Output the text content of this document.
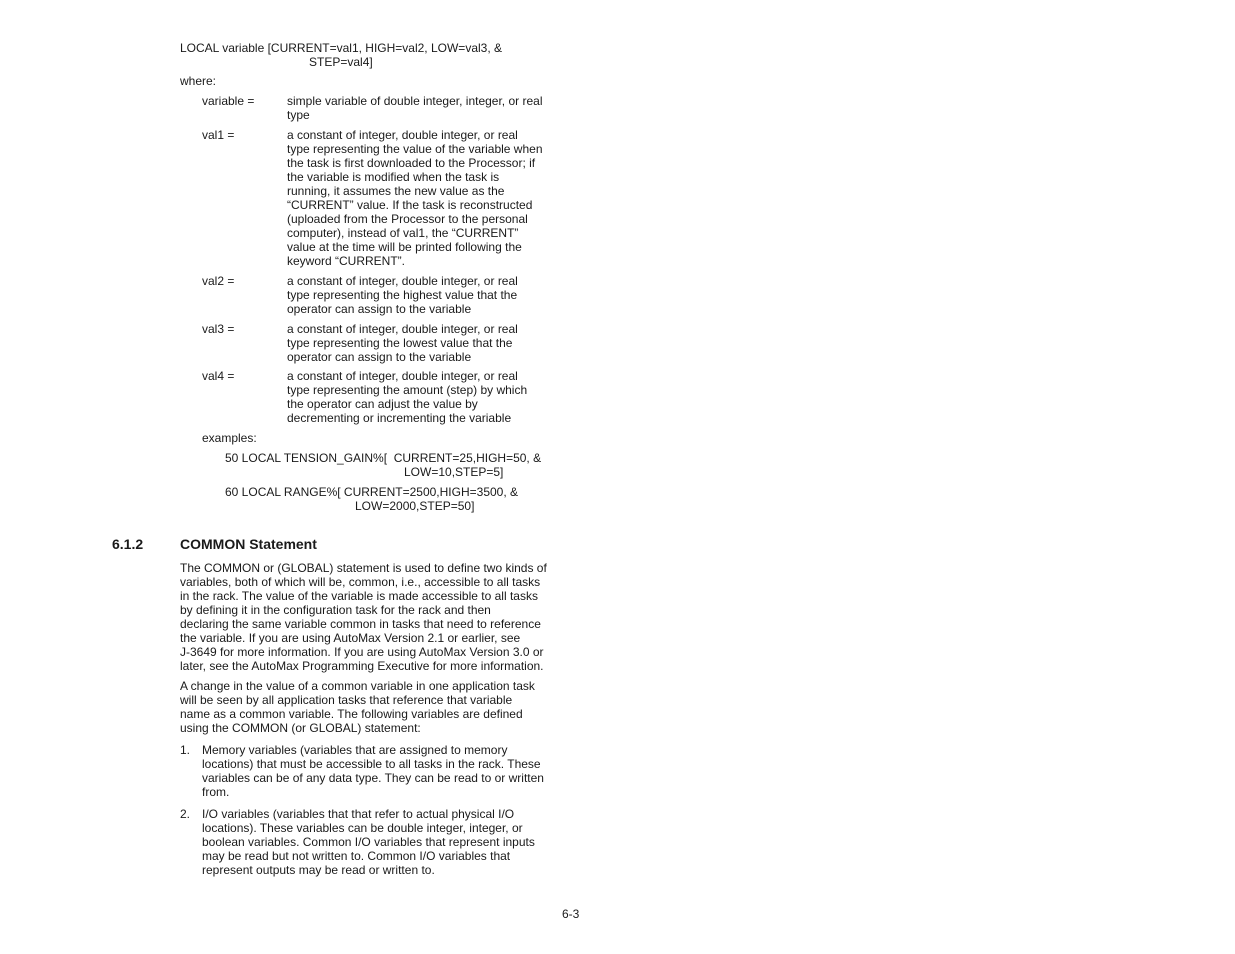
LOCAL variable [CURRENT=val1, HIGH=val2, LOW=val3, &
STEP=val4]
where:
variable =	simple variable of double integer, integer, or real
type
val1 =	a constant of integer, double integer, or real
type representing the value of the variable when
the task is first downloaded to the Processor; if
the variable is modified when the task is
running, it assumes the new value as the
“CURRENT” value. If the task is reconstructed
(uploaded from the Processor to the personal
computer), instead of val1, the “CURRENT”
value at the time will be printed following the
keyword “CURRENT”.
val2 =	a constant of integer, double integer, or real
type representing the highest value that the
operator can assign to the variable
val3 =	a constant of integer, double integer, or real
type representing the lowest value that the
operator can assign to the variable
val4 =	a constant of integer, double integer, or real
type representing the amount (step) by which
the operator can adjust the value by
decrementing or incrementing the variable
examples:
50 LOCAL TENSION_GAIN%[  CURRENT=25,HIGH=50, &
LOW=10,STEP=5]
60 LOCAL RANGE%[ CURRENT=2500,HIGH=3500, &
LOW=2000,STEP=50]
6.1.2	COMMON Statement
The COMMON or (GLOBAL) statement is used to define two kinds of
variables, both of which will be, common, i.e., accessible to all tasks
in the rack. The value of the variable is made accessible to all tasks
by defining it in the configuration task for the rack and then
declaring the same variable common in tasks that need to reference
the variable. If you are using AutoMax Version 2.1 or earlier, see
J-3649 for more information. If you are using AutoMax Version 3.0 or
later, see the AutoMax Programming Executive for more information.
A change in the value of a common variable in one application task
will be seen by all application tasks that reference that variable
name as a common variable. The following variables are defined
using the COMMON (or GLOBAL) statement:
1. Memory variables (variables that are assigned to memory
locations) that must be accessible to all tasks in the rack. These
variables can be of any data type. They can be read to or written
from.
2. I/O variables (variables that that refer to actual physical I/O
locations). These variables can be double integer, integer, or
boolean variables. Common I/O variables that represent inputs
may be read but not written to. Common I/O variables that
represent outputs may be read or written to.
6-3
